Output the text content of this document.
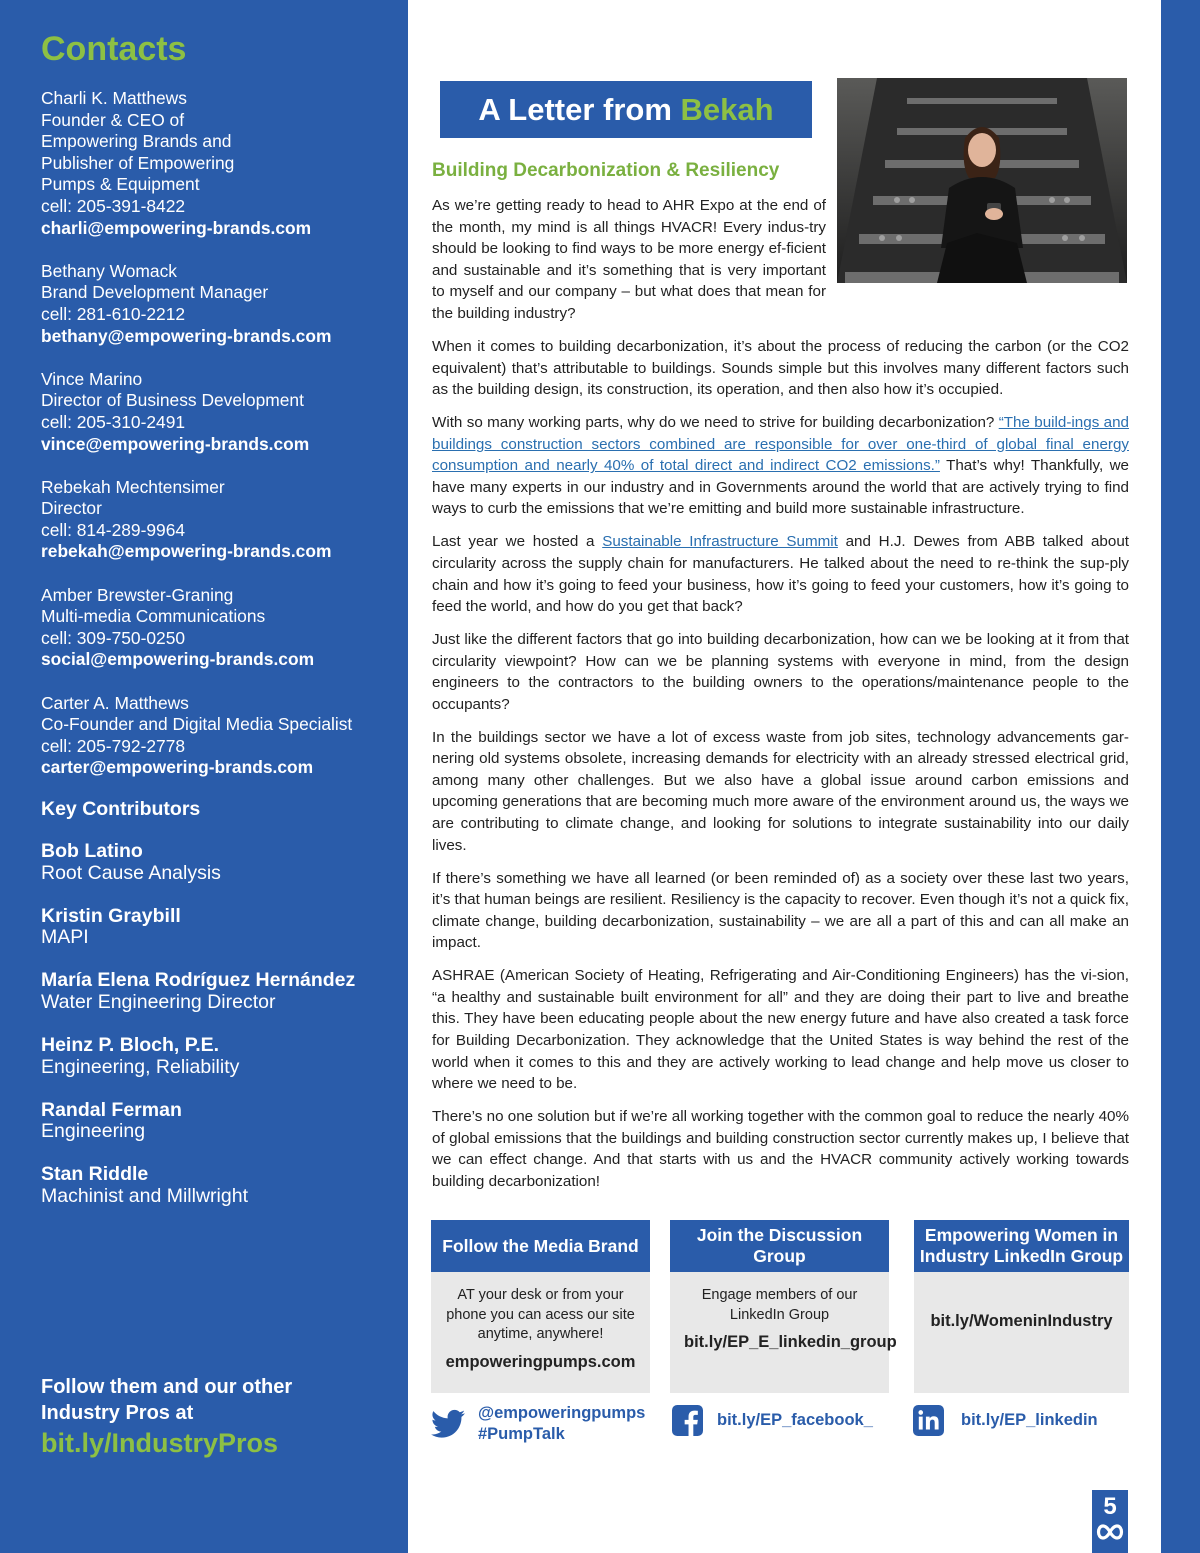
Contacts
Charli K. Matthews
Founder & CEO of
Empowering Brands and
Publisher of Empowering
Pumps & Equipment
cell: 205-391-8422
charli@empowering-brands.com
Bethany Womack
Brand Development Manager
cell: 281-610-2212
bethany@empowering-brands.com
Vince Marino
Director of Business Development
cell: 205-310-2491
vince@empowering-brands.com
Rebekah Mechtensimer
Director
cell: 814-289-9964
rebekah@empowering-brands.com
Amber Brewster-Graning
Multi-media Communications
cell: 309-750-0250
social@empowering-brands.com
Carter A. Matthews
Co-Founder and Digital Media Specialist
cell: 205-792-2778
carter@empowering-brands.com
Key Contributors
Bob Latino
Root Cause Analysis
Kristin Graybill
MAPI
María Elena Rodríguez Hernández
Water Engineering Director
Heinz P. Bloch, P.E.
Engineering, Reliability
Randal Ferman
Engineering
Stan Riddle
Machinist and Millwright
Follow them and our other Industry Pros at
bit.ly/IndustryPros
A Letter from Bekah
Building Decarbonization & Resiliency

As we’re getting ready to head to AHR Expo at the end of the month, my mind is all things HVACR! Every indus-try should be looking to find ways to be more energy ef-ficient and sustainable and it’s something that is very important to myself and our company – but what does that mean for the building industry?

When it comes to building decarbonization, it’s about the process of reducing the carbon (or the CO2 equivalent) that’s attributable to buildings. Sounds simple but this involves many different factors such as the building design, its construction, its operation, and then also how it’s occupied.

With so many working parts, why do we need to strive for building decarbonization? “The build-ings and buildings construction sectors combined are responsible for over one-third of global final energy consumption and nearly 40% of total direct and indirect CO2 emissions.” That’s why! Thankfully, we have many experts in our industry and in Governments around the world that are actively trying to find ways to curb the emissions that we’re emitting and build more sustainable infrastructure.

Last year we hosted a Sustainable Infrastructure Summit and H.J. Dewes from ABB talked about circularity across the supply chain for manufacturers. He talked about the need to re-think the sup-ply chain and how it’s going to feed your business, how it’s going to feed your customers, how it’s going to feed the world, and how do you get that back?

Just like the different factors that go into building decarbonization, how can we be looking at it from that circularity viewpoint? How can we be planning systems with everyone in mind, from the design engineers to the contractors to the building owners to the operations/maintenance people to the occupants?

In the buildings sector we have a lot of excess waste from job sites, technology advancements gar-nering old systems obsolete, increasing demands for electricity with an already stressed electrical grid, among many other challenges. But we also have a global issue around carbon emissions and upcoming generations that are becoming much more aware of the environment around us, the ways we are contributing to climate change, and looking for solutions to integrate sustainability into our daily lives.

If there’s something we have all learned (or been reminded of) as a society over these last two years, it’s that human beings are resilient. Resiliency is the capacity to recover. Even though it’s not a quick fix, climate change, building decarbonization, sustainability – we are all a part of this and can all make an impact.

ASHRAE (American Society of Heating, Refrigerating and Air-Conditioning Engineers) has the vi-sion, “a healthy and sustainable built environment for all” and they are doing their part to live and breathe this. They have been educating people about the new energy future and have also created a task force for Building Decarbonization. They acknowledge that the United States is way behind the rest of the world when it comes to this and they are actively working to lead change and help move us closer to where we need to be.

There’s no one solution but if we’re all working together with the common goal to reduce the nearly 40% of global emissions that the buildings and building construction sector currently makes up, I believe that we can effect change. And that starts with us and the HVACR community actively working towards building decarbonization!

Follow the Media Brand
AT your desk or from your phone you can acess our site anytime, anywhere!
empoweringpumps.com
Join the Discussion Group
Engage members of our LinkedIn Group
bit.ly/EP_E_linkedin_group
Empowering Women in Industry LinkedIn Group
bit.ly/WomeninIndustry
@empoweringpumps
#PumpTalk
bit.ly/EP_facebook_	bit.ly/EP_linkedin
5
